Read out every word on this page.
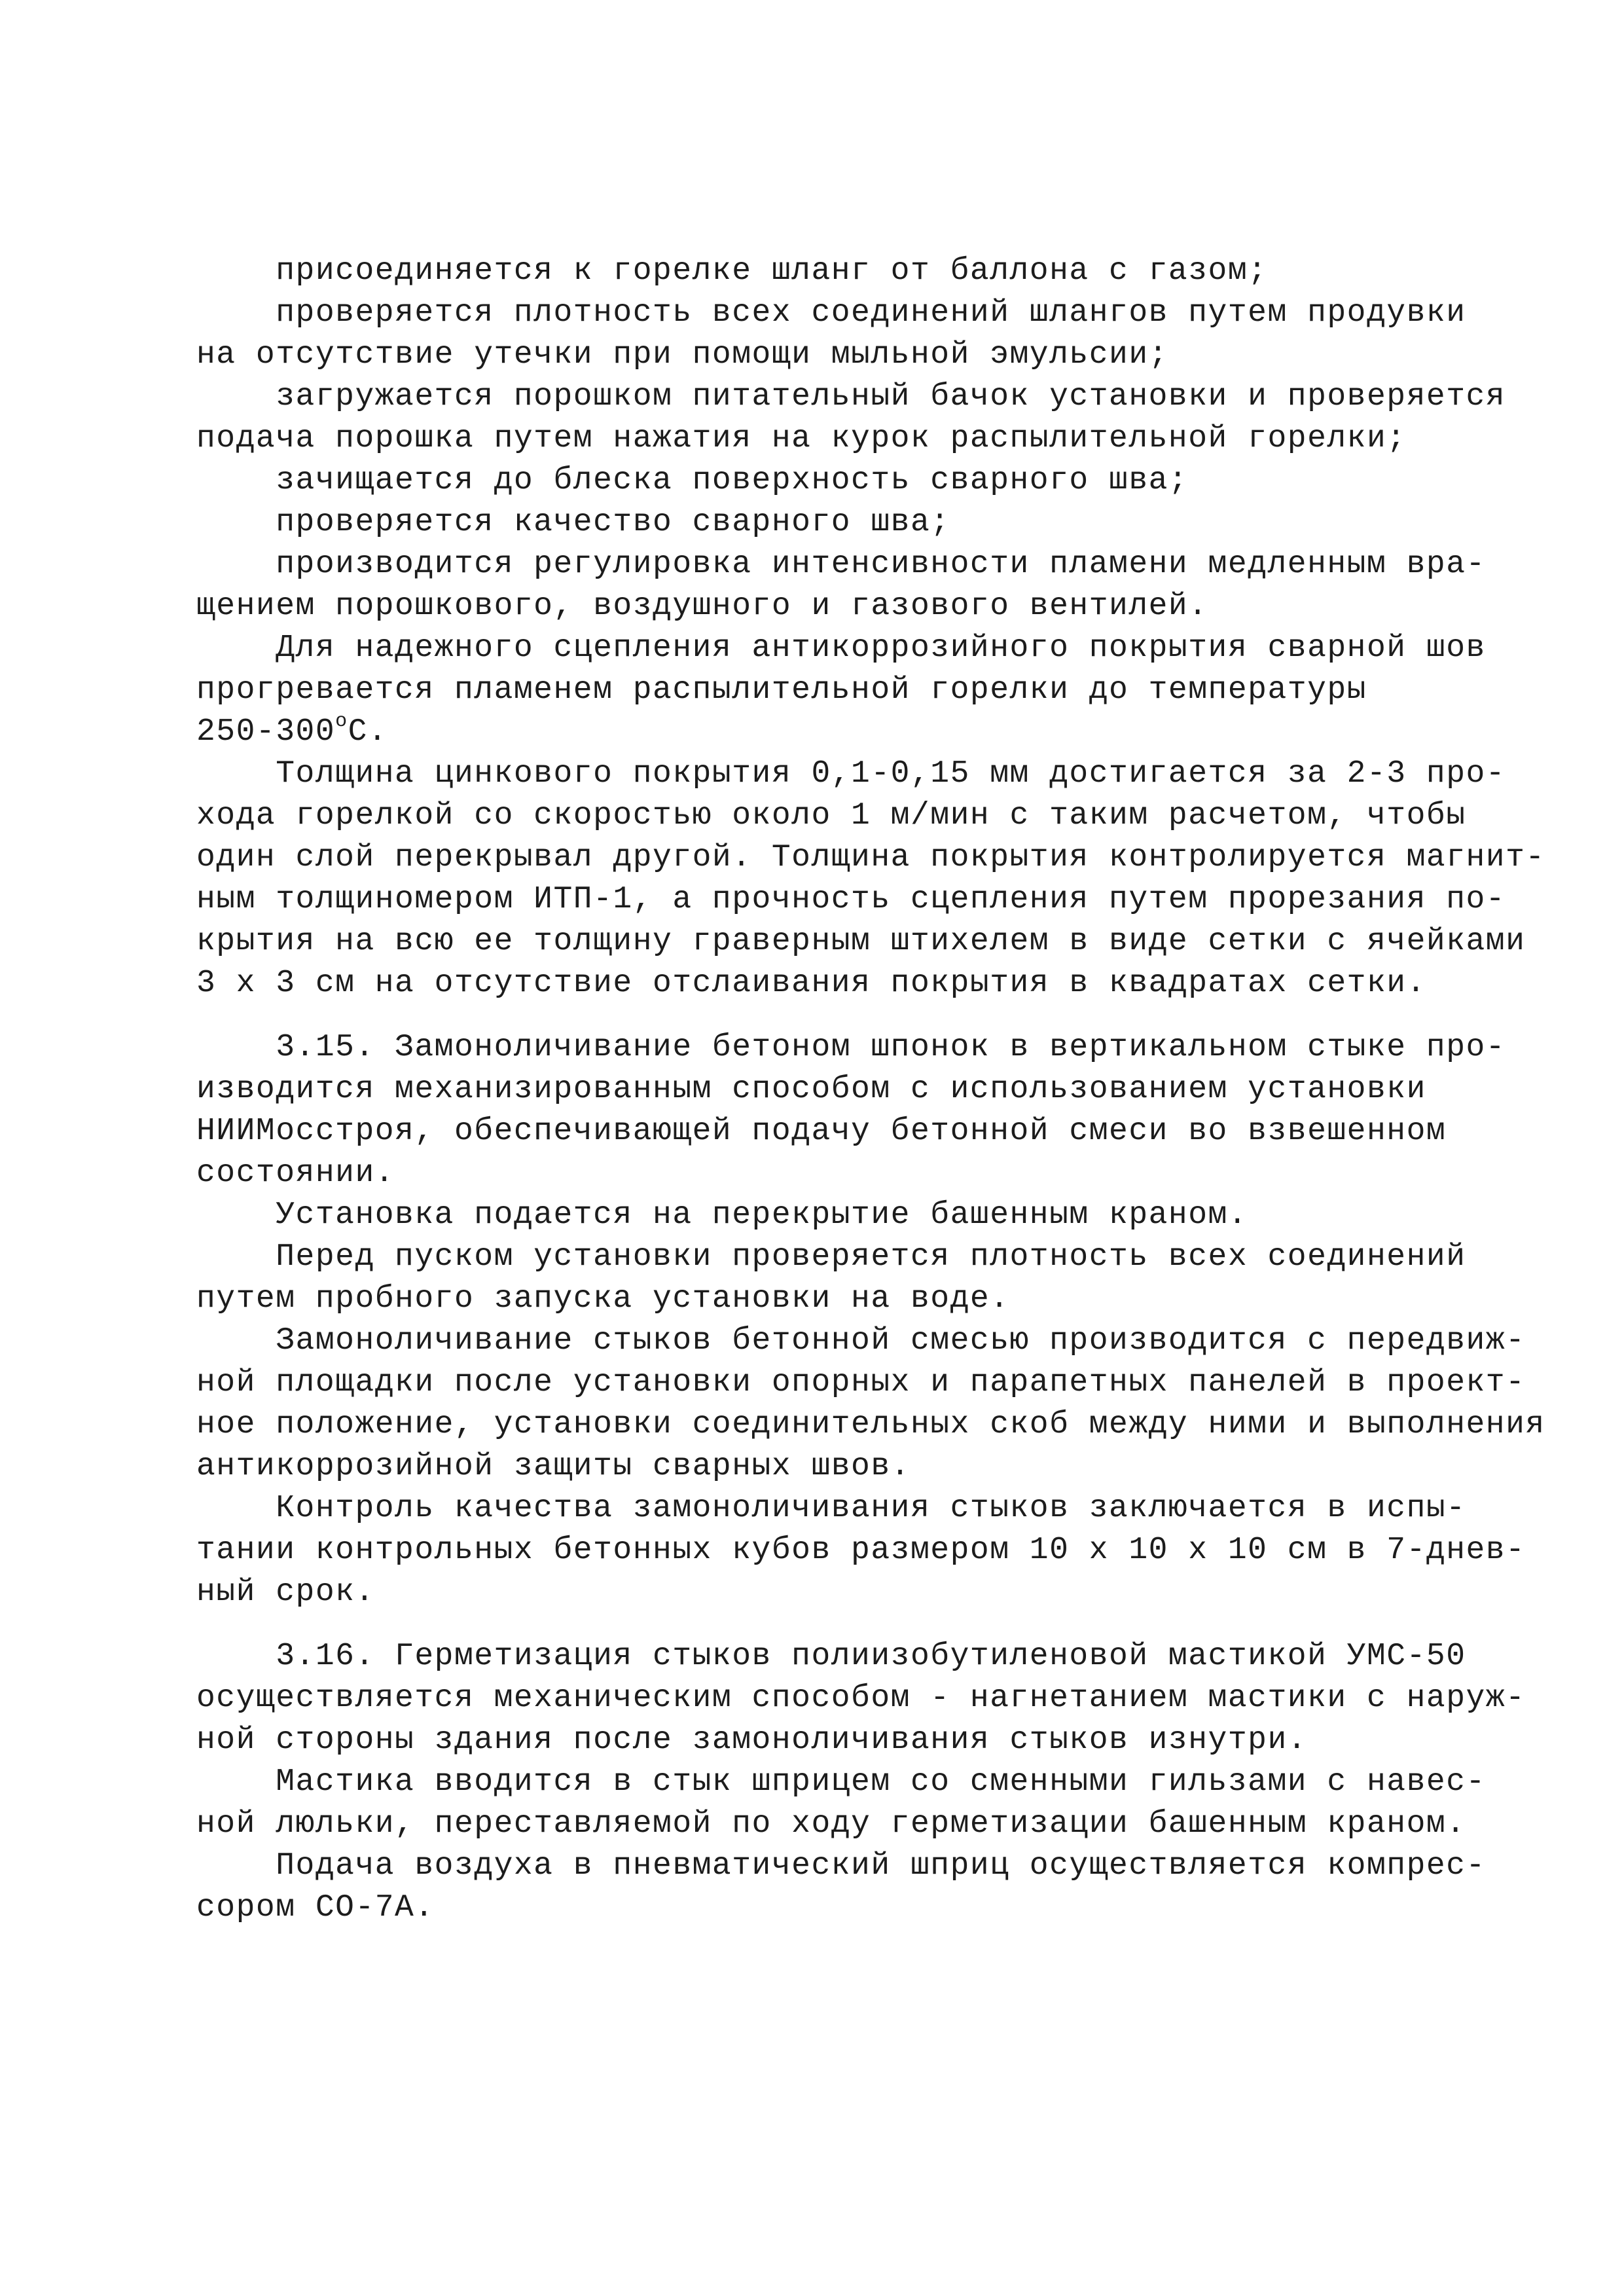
присоединяется к горелке шланг от баллона с газом;
проверяется плотность всех соединений шлангов путем продувки
на отсутствие утечки при помощи мыльной эмульсии;
загружается порошком питательный бачок установки и проверяется
подача порошка путем нажатия на курок распылительной горелки;
зачищается до блеска поверхность сварного шва;
проверяется качество сварного шва;
производится регулировка интенсивности пламени медленным вра-
щением порошкового, воздушного и газового вентилей.
Для надежного сцепления антикоррозийного покрытия сварной шов
прогревается пламенем распылительной горелки до температуры
$250-300^оС$.
Толщина цинкового покрытия 0,1-0,15 мм достигается за 2-3 про-
хода горелкой со скоростью около 1 м/мин с таким расчетом, чтобы
один слой перекрывал другой. Толщина покрытия контролируется магнит-
ным толщиномером ИТП-1, а прочность сцепления путем прорезания по-
крытия на всю ее толщину граверным штихелем в виде сетки с ячейками
3 х 3 см на отсутствие отслаивания покрытия в квадратах сетки.
3.15. Замоноличивание бетоном шпонок в вертикальном стыке про-
изводится механизированным способом с использованием установки
НИИМосстроя, обеспечивающей подачу бетонной смеси во взвешенном
состоянии.
Установка подается на перекрытие башенным краном.
Перед пуском установки проверяется плотность всех соединений
путем пробного запуска установки на воде.
Замоноличивание стыков бетонной смесью производится с передвиж-
ной площадки после установки опорных и парапетных панелей в проект-
ное положение, установки соединительных скоб между ними и выполнения
антикоррозийной защиты сварных швов.
Контроль качества замоноличивания стыков заключается в испы-
тании контрольных бетонных кубов размером 10 х 10 х 10 см в 7-днев-
ный срок.
3.16. Герметизация стыков полиизобутиленовой мастикой УМС-50
осуществляется механическим способом - нагнетанием мастики с наруж-
ной стороны здания после замоноличивания стыков изнутри.
Мастика вводится в стык шприцем со сменными гильзами с навес-
ной люльки, переставляемой по ходу герметизации башенным краном.
Подача воздуха в пневматический шприц осуществляется компрес-
сором СО-7А.
